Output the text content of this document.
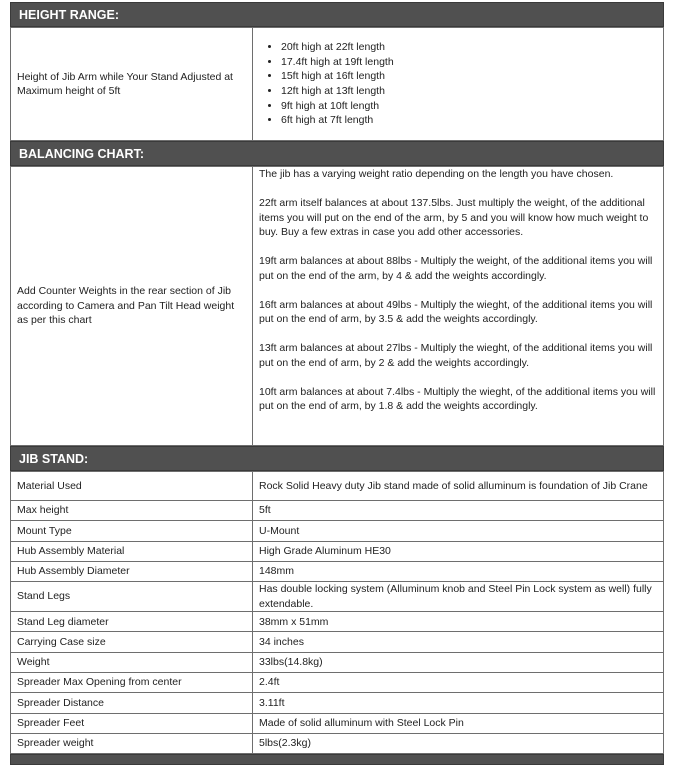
HEIGHT RANGE:
Height of Jib Arm while Your Stand Adjusted at Maximum height of 5ft	
• 20ft high at 22ft length
• 17.4ft high at 19ft length
• 15ft high at 16ft length
• 12ft high at 13ft length
• 9ft high at 10ft length
• 6ft high at 7ft length
BALANCING CHART:
Add Counter Weights in the rear section of Jib according to Camera and Pan Tilt Head weight as per this chart	

The jib has a varying weight ratio depending on the length you have chosen.

22ft arm itself balances at about 137.5lbs. Just multiply the weight, of the additional items you will put on the end of the arm, by 5 and you will know how much weight to buy. Buy a few extras in case you add other accessories.

19ft arm balances at about 88lbs - Multiply the weight, of the additional items you will put on the end of the arm, by 4 & add the weights accordingly.

16ft arm balances at about 49lbs - Multiply the wieght, of the additional items you will put on the end of arm, by 3.5 & add the weights accordingly.

13ft arm balances at about 27lbs - Multiply the wieght, of the additional items you will put on the end of arm, by 2 & add the weights accordingly.

10ft arm balances at about 7.4lbs - Multiply the wieght, of the additional items you will put on the end of arm, by 1.8 & add the weights accordingly.

JIB STAND:
Material Used	Rock Solid Heavy duty Jib stand made of solid alluminum is foundation of Jib Crane
Max height	5ft
Mount Type	U-Mount
Hub Assembly Material	High Grade Aluminum HE30
Hub Assembly Diameter	148mm
Stand Legs	Has double locking system (Alluminum knob and Steel Pin Lock system as well) fully extendable.
Stand Leg diameter	38mm x 51mm
Carrying Case size	34 inches
Weight	33lbs(14.8kg)
Spreader Max Opening from center	2.4ft
Spreader Distance	3.11ft
Spreader Feet	Made of solid alluminum with Steel Lock Pin
Spreader weight	5lbs(2.3kg)
